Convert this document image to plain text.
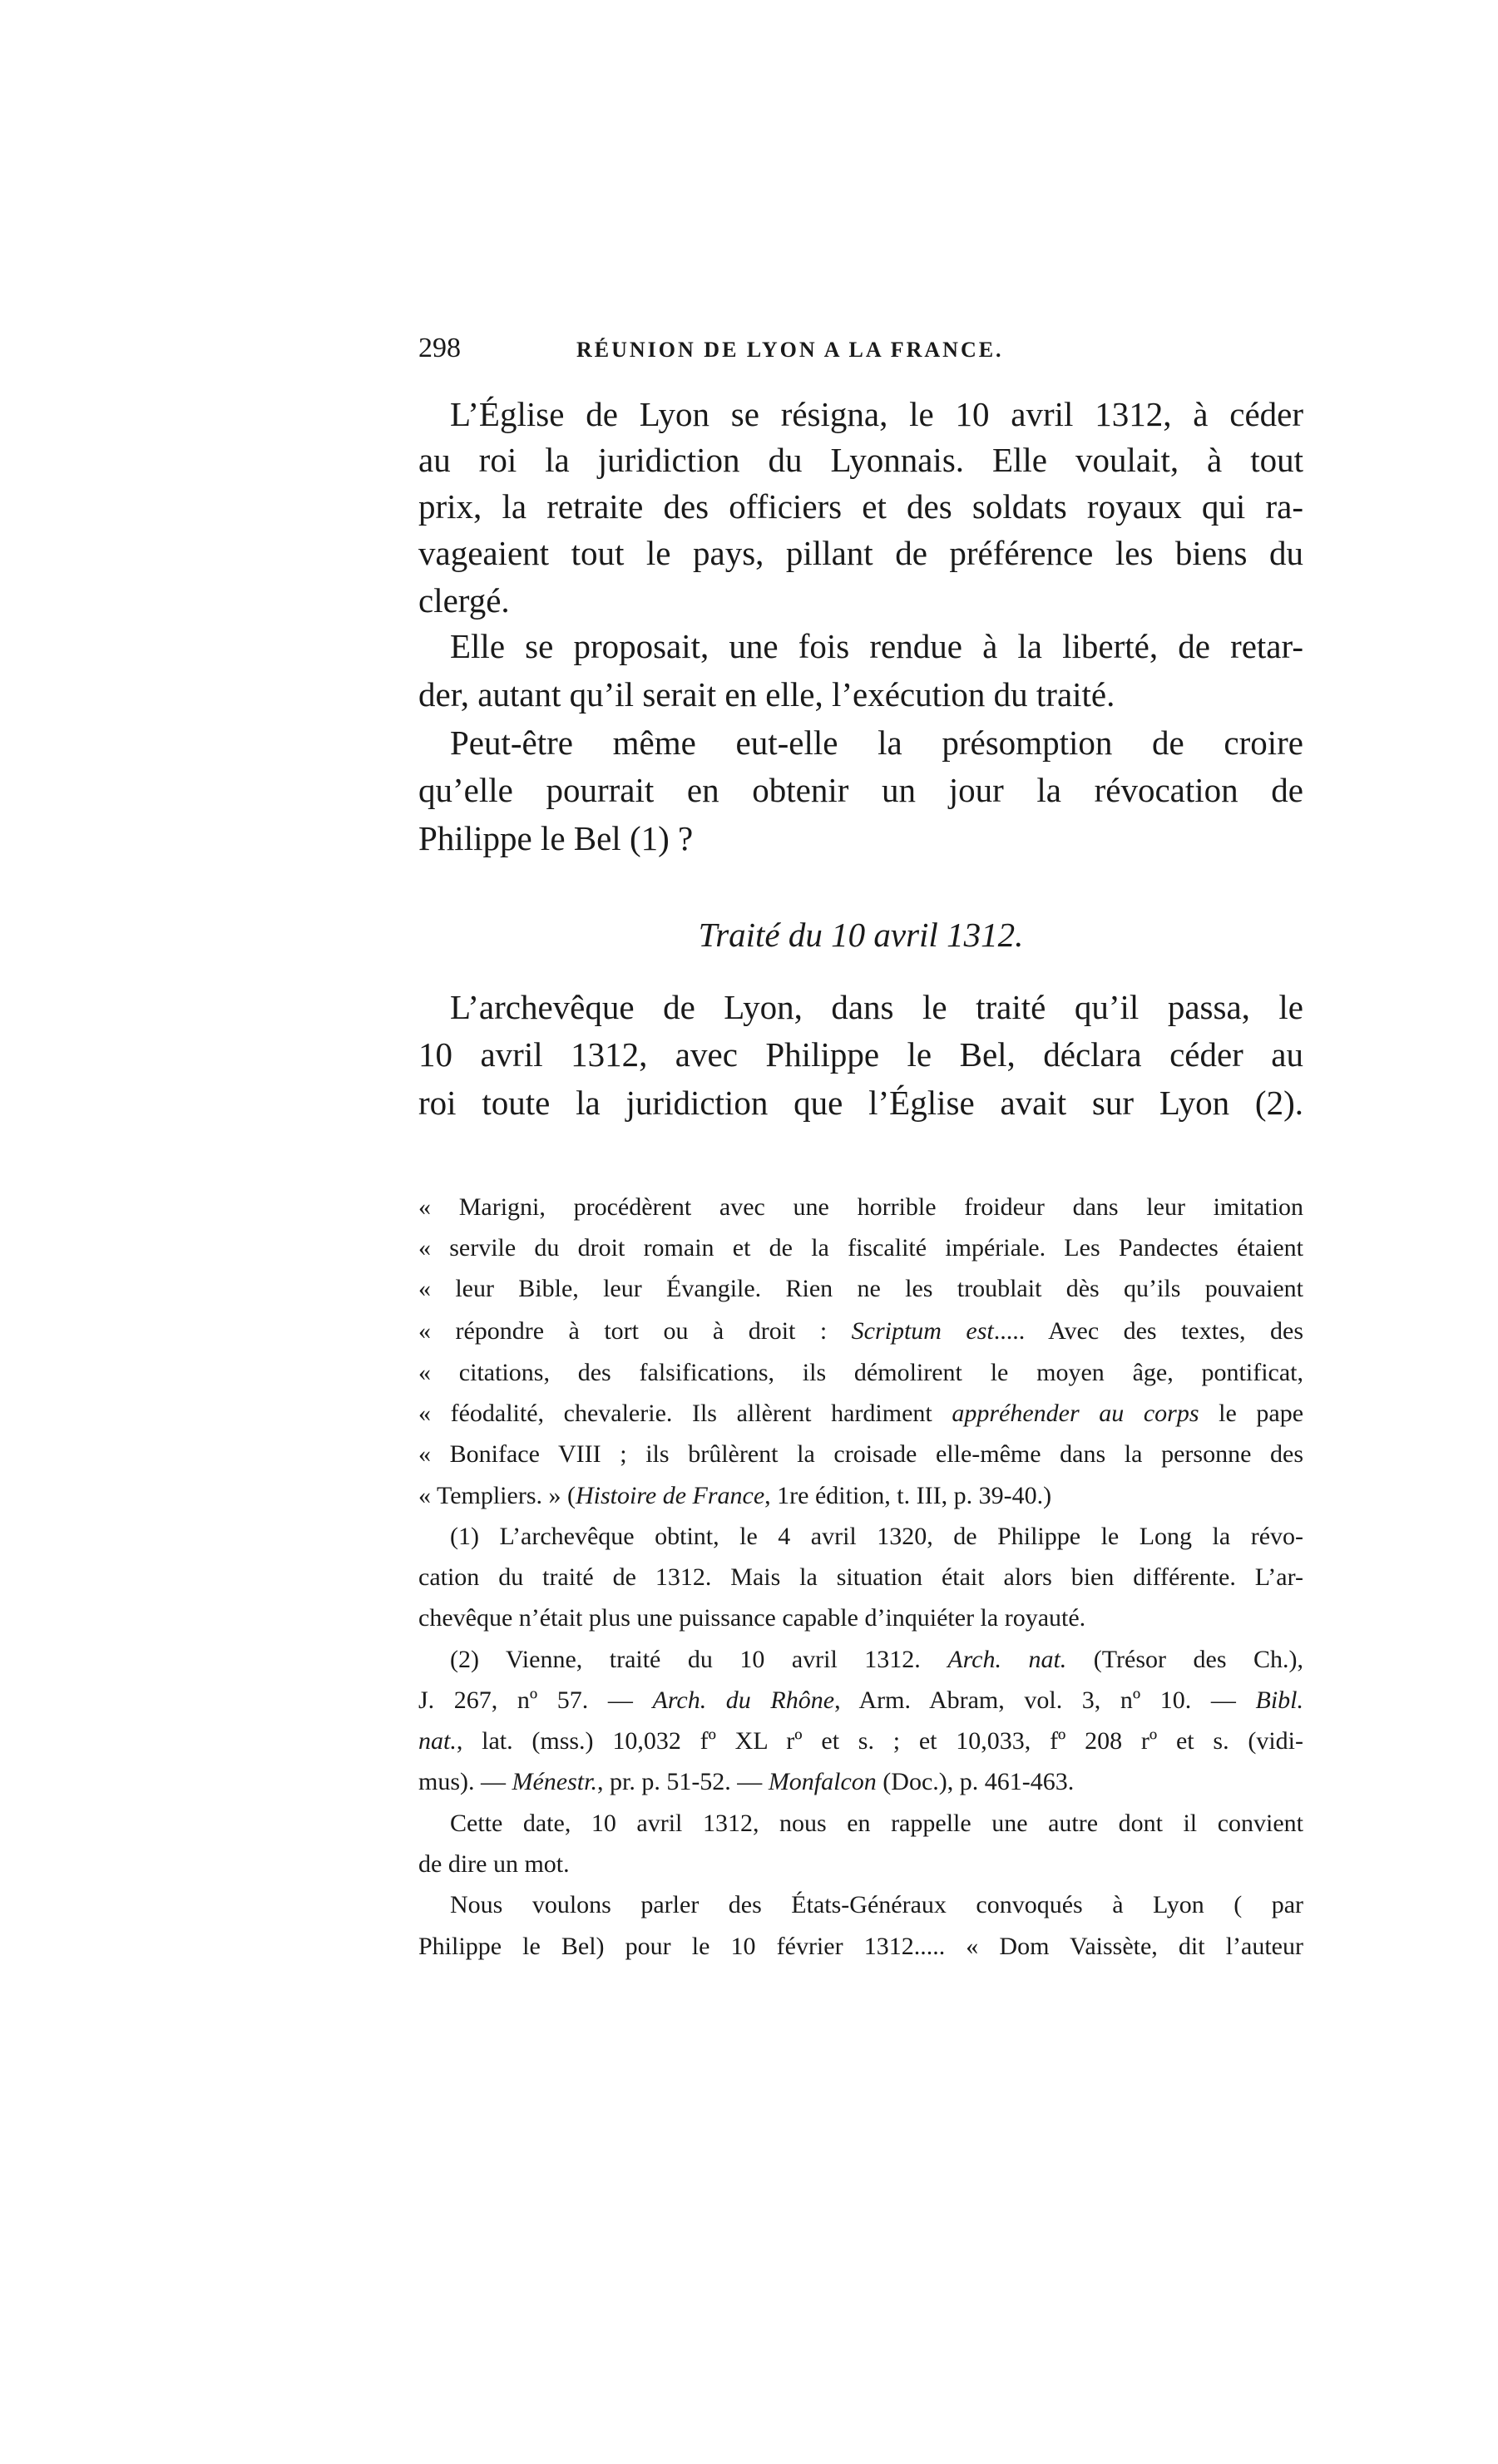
298	RÉUNION DE LYON A LA FRANCE.
L’Église de Lyon se résigna, le 10 avril 1312, à céder
au roi la juridiction du Lyonnais. Elle voulait, à tout
prix, la retraite des officiers et des soldats royaux qui ra-
vageaient tout le pays, pillant de préférence les biens du
clergé.
Elle se proposait, une fois rendue à la liberté, de retar-
der, autant qu’il serait en elle, l’exécution du traité.
Peut-être même eut-elle la présomption de croire
qu’elle pourrait en obtenir un jour la révocation de
Philippe le Bel (1) ?
Traité du 10 avril 1312.
L’archevêque de Lyon, dans le traité qu’il passa, le
10 avril 1312, avec Philippe le Bel, déclara céder au
roi toute la juridiction que l’Église avait sur Lyon (2).
« Marigni, procédèrent avec une horrible froideur dans leur imitation
« servile du droit romain et de la fiscalité impériale. Les Pandectes étaient
« leur Bible, leur Évangile. Rien ne les troublait dès qu’ils pouvaient
« répondre à tort ou à droit : Scriptum est..... Avec des textes, des
« citations, des falsifications, ils démolirent le moyen âge, pontificat,
« féodalité, chevalerie. Ils allèrent hardiment appréhender au corps le pape
« Boniface VIII ; ils brûlèrent la croisade elle-même dans la personne des
« Templiers. » (Histoire de France, 1re édition, t. III, p. 39-40.)
(1) L’archevêque obtint, le 4 avril 1320, de Philippe le Long la révo-
cation du traité de 1312. Mais la situation était alors bien différente. L’ar-
chevêque n’était plus une puissance capable d’inquiéter la royauté.
(2) Vienne, traité du 10 avril 1312. Arch. nat. (Trésor des Ch.),
J. 267, nº 57. — Arch. du Rhône, Arm. Abram, vol. 3, nº 10. — Bibl.
nat., lat. (mss.) 10,032 fº XL rº et s. ; et 10,033, fº 208 rº et s. (vidi-
mus). — Ménestr., pr. p. 51-52. — Monfalcon (Doc.), p. 461-463.
Cette date, 10 avril 1312, nous en rappelle une autre dont il convient
de dire un mot.
Nous voulons parler des États-Généraux convoqués à Lyon ( par
Philippe le Bel) pour le 10 février 1312..... « Dom Vaissète, dit l’auteur
